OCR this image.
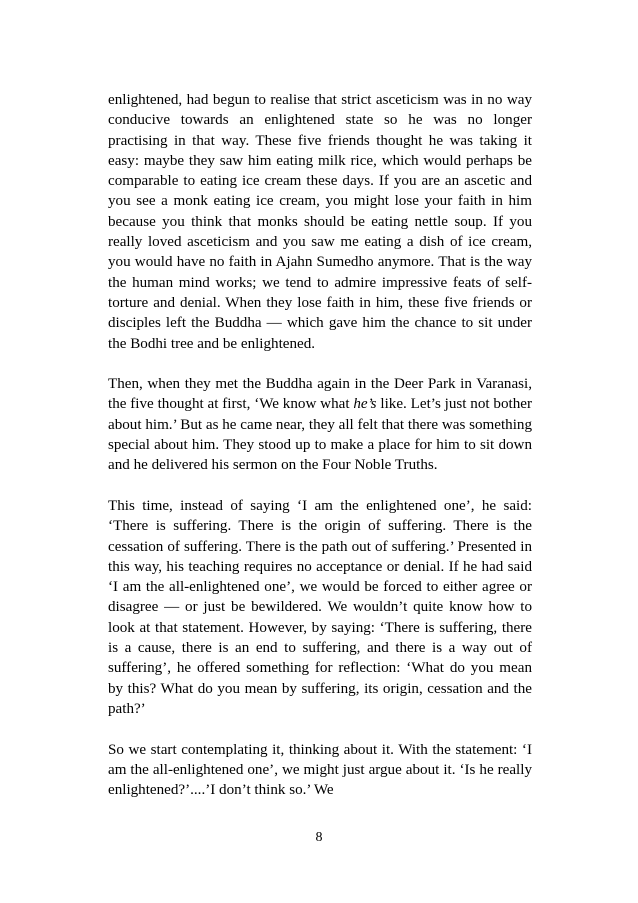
enlightened, had begun to realise that strict asceticism was in no way conducive towards an enlightened state so he was no longer practising in that way. These five friends thought he was taking it easy: maybe they saw him eating milk rice, which would perhaps be comparable to eating ice cream these days. If you are an ascetic and you see a monk eating ice cream, you might lose your faith in him because you think that monks should be eating nettle soup. If you really loved asceticism and you saw me eating a dish of ice cream, you would have no faith in Ajahn Sumedho anymore. That is the way the human mind works; we tend to admire impressive feats of self-torture and denial. When they lose faith in him, these five friends or disciples left the Buddha — which gave him the chance to sit under the Bodhi tree and be enlightened.

Then, when they met the Buddha again in the Deer Park in Varanasi, the five thought at first, ‘We know what he’s like. Let’s just not bother about him.’ But as he came near, they all felt that there was something special about him. They stood up to make a place for him to sit down and he delivered his sermon on the Four Noble Truths.

This time, instead of saying ‘I am the enlightened one’, he said: ‘There is suffering. There is the origin of suffering. There is the cessation of suffering. There is the path out of suffering.’ Presented in this way, his teaching requires no acceptance or denial. If he had said ‘I am the all-enlightened one’, we would be forced to either agree or disagree — or just be bewildered. We wouldn’t quite know how to look at that statement. However, by saying: ‘There is suffering, there is a cause, there is an end to suffering, and there is a way out of suffering’, he offered something for reflection: ‘What do you mean by this? What do you mean by suffering, its origin, cessation and the path?’

So we start contemplating it, thinking about it. With the statement: ‘I am the all-enlightened one’, we might just argue about it. ‘Is he really enlightened?’....’I don’t think so.’ We

8
